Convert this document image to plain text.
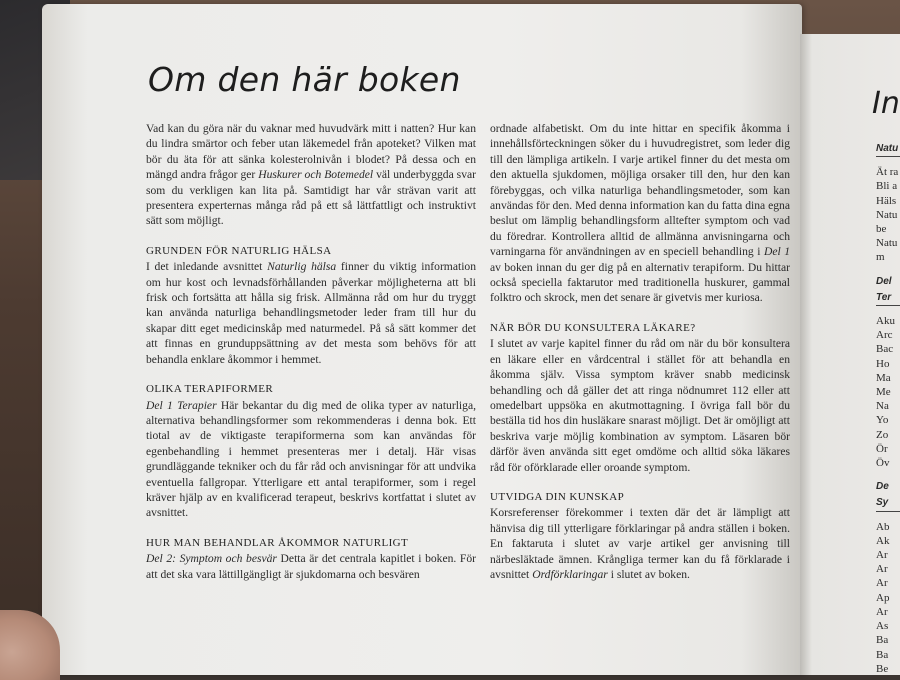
Om den här boken

Vad kan du göra när du vaknar med huvudvärk mitt i natten? Hur kan du lindra smärtor och feber utan läkemedel från apoteket? Vilken mat bör du äta för att sänka kolesterolnivån i blodet? På dessa och en mängd andra frågor ger Huskurer och Botemedel väl underbyggda svar som du verkligen kan lita på. Samtidigt har vår strävan varit att presentera experternas många råd på ett så lättfattligt och instruktivt sätt som möjligt.

GRUNDEN FÖR NATURLIG HÄLSA

I det inledande avsnittet Naturlig hälsa finner du viktig information om hur kost och levnadsförhållanden påverkar möjligheterna att bli frisk och fortsätta att hålla sig frisk. Allmänna råd om hur du tryggt kan använda naturliga behandlingsmetoder leder fram till hur du skapar ditt eget medicinskåp med naturmedel. På så sätt kommer det att finnas en grunduppsättning av det mesta som behövs för att behandla enklare åkommor i hemmet.

OLIKA TERAPIFORMER

Del 1 Terapier Här bekantar du dig med de olika typer av naturliga, alternativa behandlingsformer som rekommenderas i denna bok. Ett tiotal av de viktigaste terapiformerna som kan användas för egenbehandling i hemmet presenteras mer i detalj. Här visas grundläggande tekniker och du får råd och anvisningar för att undvika eventuella fallgropar. Ytterligare ett antal terapiformer, som i regel kräver hjälp av en kvalificerad terapeut, beskrivs kortfattat i slutet av avsnittet.

HUR MAN BEHANDLAR ÅKOMMOR NATURLIGT

Del 2: Symptom och besvär Detta är det centrala kapitlet i boken. För att det ska vara lättillgängligt är sjukdomarna och besvären

ordnade alfabetiskt. Om du inte hittar en specifik åkomma i innehållsförteckningen söker du i huvudregistret, som leder dig till den lämpliga artikeln. I varje artikel finner du det mesta om den aktuella sjukdomen, möjliga orsaker till den, hur den kan förebyggas, och vilka naturliga behandlingsmetoder, som kan användas för den. Med denna information kan du fatta dina egna beslut om lämplig behandlingsform alltefter symptom och vad du föredrar. Kontrollera alltid de allmänna anvisningarna och varningarna för användningen av en speciell behandling i Del 1 av boken innan du ger dig på en alternativ terapiform. Du hittar också speciella faktarutor med traditionella huskurer, gammal folktro och skrock, men det senare är givetvis mer kuriosa.

NÄR BÖR DU KONSULTERA LÄKARE?

I slutet av varje kapitel finner du råd om när du bör konsultera en läkare eller en vårdcentral i stället för att behandla en åkomma själv. Vissa symptom kräver snabb medicinsk behandling och då gäller det att ringa nödnumret 112 eller att omedelbart uppsöka en akutmottagning. I övriga fall bör du beställa tid hos din husläkare snarast möjligt. Det är omöjligt att beskriva varje möjlig kombination av symptom. Läsaren bör därför även använda sitt eget omdöme och alltid söka läkares råd för oförklarade eller oroande symptom.

UTVIDGA DIN KUNSKAP

Korsreferenser förekommer i texten där det är lämpligt att hänvisa dig till ytterligare förklaringar på andra ställen i boken. En faktaruta i slutet av varje artikel ger anvisning till närbesläktade ämnen. Krångliga termer kan du få förklarade i avsnittet Ordförklaringar i slutet av boken.

In
Natu
Ät ra
Bli a
Häls
Natu
be
Natu
m
Del
Ter
Aku
Arc
Bac
Ho
Ma
Me
Na
Yo
Zo
Ör
Öv
De
Sy
Ab
Ak
Ar
Ar
Ar
Ap
Ar
As
Ba
Ba
Be
